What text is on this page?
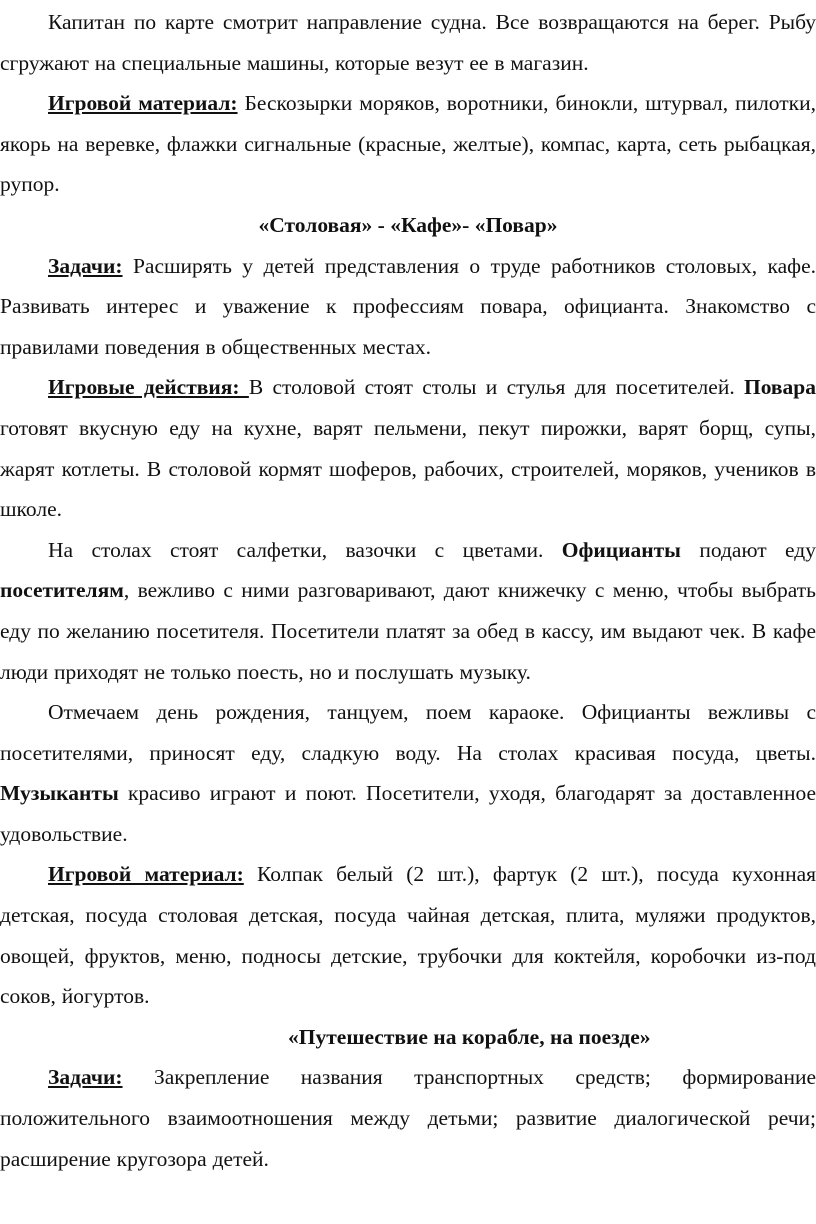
Капитан по карте смотрит направление судна. Все возвращаются на берег. Рыбу сгружают на специальные машины, которые везут ее в магазин.

Игровой материал: Бескозырки моряков, воротники, бинокли, штурвал, пилотки, якорь на веревке, флажки сигнальные (красные, желтые), компас, карта, сеть рыбацкая, рупор.

«Столовая» - «Кафе»- «Повар»

Задачи: Расширять у детей представления о труде работников столовых, кафе. Развивать интерес и уважение к профессиям повара, официанта. Знакомство с правилами поведения в общественных местах.

Игровые действия: В столовой стоят столы и стулья для посетителей. Повара готовят вкусную еду на кухне, варят пельмени, пекут пирожки, варят борщ, супы, жарят котлеты. В столовой кормят шоферов, рабочих, строителей, моряков, учеников в школе.

На столах стоят салфетки, вазочки с цветами. Официанты подают еду посетителям, вежливо с ними разговаривают, дают книжечку с меню, чтобы выбрать еду по желанию посетителя. Посетители платят за обед в кассу, им выдают чек. В кафе люди приходят не только поесть, но и послушать музыку.

Отмечаем день рождения, танцуем, поем караоке. Официанты вежливы с посетителями, приносят еду, сладкую воду. На столах красивая посуда, цветы. Музыканты красиво играют и поют. Посетители, уходя, благодарят за доставленное удовольствие.

Игровой материал: Колпак белый (2 шт.), фартук (2 шт.), посуда кухонная детская, посуда столовая детская, посуда чайная детская, плита, муляжи продуктов, овощей, фруктов, меню, подносы детские, трубочки для коктейля, коробочки из-под соков, йогуртов.

«Путешествие на корабле, на поезде»

Задачи: Закрепление названия транспортных средств; формирование положительного взаимоотношения между детьми; развитие диалогической речи; расширение кругозора детей.
